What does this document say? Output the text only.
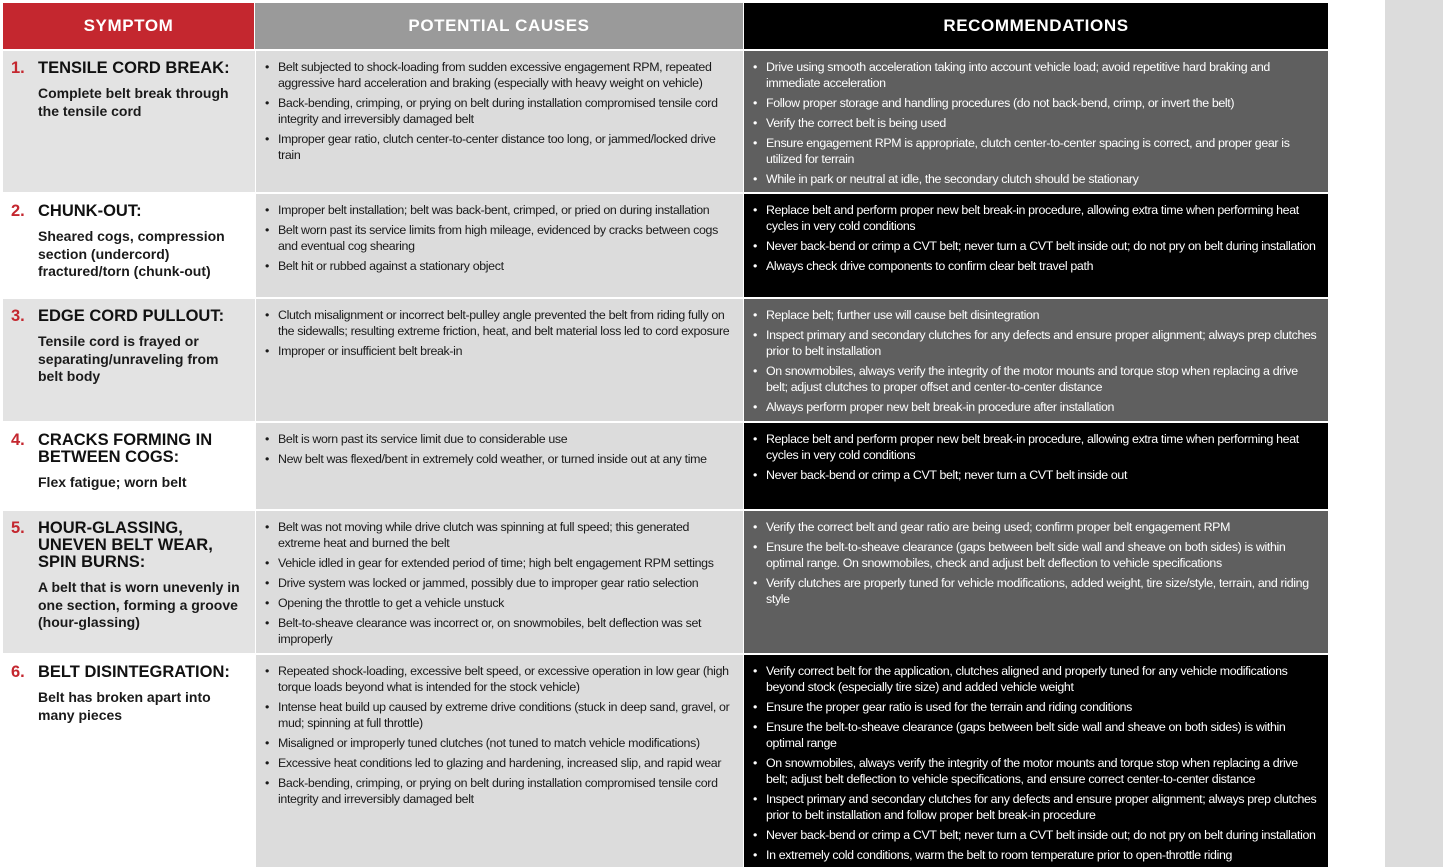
SYMPTOM	POTENTIAL CAUSES	RECOMMENDATIONS
1. TENSILE CORD BREAK:
Complete belt break through the tensile cord
• Belt subjected to shock-loading from sudden excessive engagement RPM, repeated aggressive hard acceleration and braking (especially with heavy weight on vehicle)
• Back-bending, crimping, or prying on belt during installation compromised tensile cord integrity and irreversibly damaged belt
• Improper gear ratio, clutch center-to-center distance too long, or jammed/locked drive train
• Drive using smooth acceleration taking into account vehicle load; avoid repetitive hard braking and immediate acceleration
• Follow proper storage and handling procedures (do not back-bend, crimp, or invert the belt)
• Verify the correct belt is being used
• Ensure engagement RPM is appropriate, clutch center-to-center spacing is correct, and proper gear is utilized for terrain
• While in park or neutral at idle, the secondary clutch should be stationary
2. CHUNK-OUT:
Sheared cogs, compression section (undercord) fractured/torn (chunk-out)
• Improper belt installation; belt was back-bent, crimped, or pried on during installation
• Belt worn past its service limits from high mileage, evidenced by cracks between cogs and eventual cog shearing
• Belt hit or rubbed against a stationary object
• Replace belt and perform proper new belt break-in procedure, allowing extra time when performing heat cycles in very cold conditions
• Never back-bend or crimp a CVT belt; never turn a CVT belt inside out; do not pry on belt during installation
• Always check drive components to confirm clear belt travel path
3. EDGE CORD PULLOUT:
Tensile cord is frayed or separating/unraveling from belt body
• Clutch misalignment or incorrect belt-pulley angle prevented the belt from riding fully on the sidewalls; resulting extreme friction, heat, and belt material loss led to cord exposure
• Improper or insufficient belt break-in
• Replace belt; further use will cause belt disintegration
• Inspect primary and secondary clutches for any defects and ensure proper alignment; always prep clutches prior to belt installation
• On snowmobiles, always verify the integrity of the motor mounts and torque stop when replacing a drive belt; adjust clutches to proper offset and center-to-center distance
• Always perform proper new belt break-in procedure after installation
4. CRACKS FORMING IN BETWEEN COGS:
Flex fatigue; worn belt
• Belt is worn past its service limit due to considerable use
• New belt was flexed/bent in extremely cold weather, or turned inside out at any time
• Replace belt and perform proper new belt break-in procedure, allowing extra time when performing heat cycles in very cold conditions
• Never back-bend or crimp a CVT belt; never turn a CVT belt inside out
5. HOUR-GLASSING, UNEVEN BELT WEAR, SPIN BURNS:
A belt that is worn unevenly in one section, forming a groove (hour-glassing)
• Belt was not moving while drive clutch was spinning at full speed; this generated extreme heat and burned the belt
• Vehicle idled in gear for extended period of time; high belt engagement RPM settings
• Drive system was locked or jammed, possibly due to improper gear ratio selection
• Opening the throttle to get a vehicle unstuck
• Belt-to-sheave clearance was incorrect or, on snowmobiles, belt deflection was set improperly
• Verify the correct belt and gear ratio are being used; confirm proper belt engagement RPM
• Ensure the belt-to-sheave clearance (gaps between belt side wall and sheave on both sides) is within optimal range. On snowmobiles, check and adjust belt deflection to vehicle specifications
• Verify clutches are properly tuned for vehicle modifications, added weight, tire size/style, terrain, and riding style
6. BELT DISINTEGRATION:
Belt has broken apart into many pieces
• Repeated shock-loading, excessive belt speed, or excessive operation in low gear (high torque loads beyond what is intended for the stock vehicle)
• Intense heat build up caused by extreme drive conditions (stuck in deep sand, gravel, or mud; spinning at full throttle)
• Misaligned or improperly tuned clutches (not tuned to match vehicle modifications)
• Excessive heat conditions led to glazing and hardening, increased slip, and rapid wear
• Back-bending, crimping, or prying on belt during installation compromised tensile cord integrity and irreversibly damaged belt
• Verify correct belt for the application, clutches aligned and properly tuned for any vehicle modifications beyond stock (especially tire size) and added vehicle weight
• Ensure the proper gear ratio is used for the terrain and riding conditions
• Ensure the belt-to-sheave clearance (gaps between belt side wall and sheave on both sides) is within optimal range
• On snowmobiles, always verify the integrity of the motor mounts and torque stop when replacing a drive belt; adjust belt deflection to vehicle specifications, and ensure correct center-to-center distance
• Inspect primary and secondary clutches for any defects and ensure proper alignment; always prep clutches prior to belt installation and follow proper belt break-in procedure
• Never back-bend or crimp a CVT belt; never turn a CVT belt inside out; do not pry on belt during installation
• In extremely cold conditions, warm the belt to room temperature prior to open-throttle riding
